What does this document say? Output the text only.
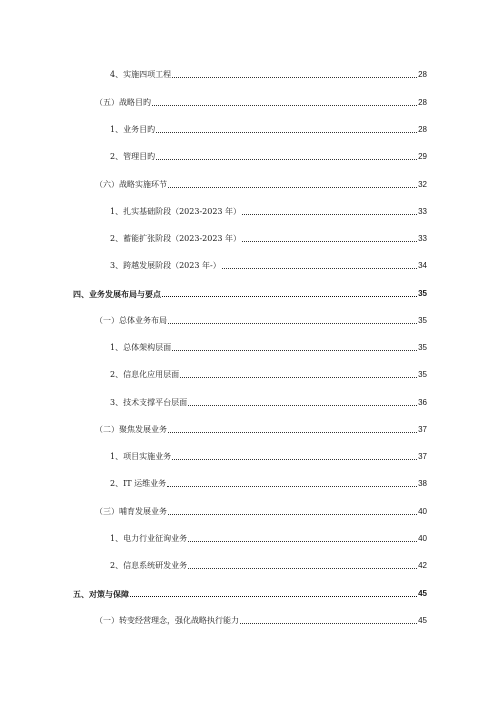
4、实施四项工程	28
（五）战略目旳	28
1、业务目旳	28
2、管理目旳	29
（六）战略实施环节	32
1、扎实基础阶段（2023-2023 年）	33
2、蓄能扩张阶段（2023-2023 年）	33
3、跨越发展阶段（2023 年-）	34
四、业务发展布局与要点	35
（一）总体业务布局	35
1、总体架构层面	35
2、信息化应用层面	35
3、技术支撑平台层面	36
（二）聚焦发展业务	37
1、项目实施业务	37
2、IT 运维业务	38
（三）哺育发展业务	40
1、电力行业征询业务	40
2、信息系统研发业务	42
五、对策与保障	45
（一）转变经营理念，强化战略执行能力	45
